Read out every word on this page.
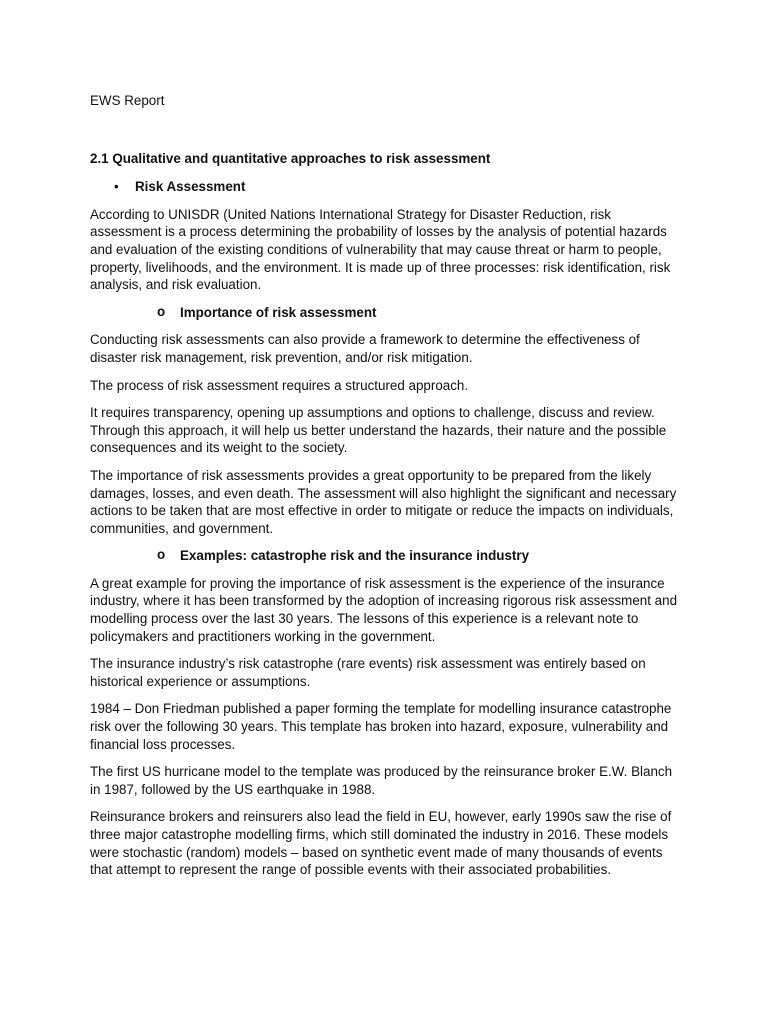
EWS Report
2.1 Qualitative and quantitative approaches to risk assessment
• Risk Assessment

According to UNISDR (United Nations International Strategy for Disaster Reduction, risk assessment is a process determining the probability of losses by the analysis of potential hazards and evaluation of the existing conditions of vulnerability that may cause threat or harm to people, property, livelihoods, and the environment. It is made up of three processes: risk identification, risk analysis, and risk evaluation.

o Importance of risk assessment

Conducting risk assessments can also provide a framework to determine the effectiveness of disaster risk management, risk prevention, and/or risk mitigation.

The process of risk assessment requires a structured approach.

It requires transparency, opening up assumptions and options to challenge, discuss and review. Through this approach, it will help us better understand the hazards, their nature and the possible consequences and its weight to the society.

The importance of risk assessments provides a great opportunity to be prepared from the likely damages, losses, and even death. The assessment will also highlight the significant and necessary actions to be taken that are most effective in order to mitigate or reduce the impacts on individuals, communities, and government.

o Examples: catastrophe risk and the insurance industry

A great example for proving the importance of risk assessment is the experience of the insurance industry, where it has been transformed by the adoption of increasing rigorous risk assessment and modelling process over the last 30 years. The lessons of this experience is a relevant note to policymakers and practitioners working in the government.

The insurance industry’s risk catastrophe (rare events) risk assessment was entirely based on historical experience or assumptions.

1984 – Don Friedman published a paper forming the template for modelling insurance catastrophe risk over the following 30 years. This template has broken into hazard, exposure, vulnerability and financial loss processes.

The first US hurricane model to the template was produced by the reinsurance broker E.W. Blanch in 1987, followed by the US earthquake in 1988.

Reinsurance brokers and reinsurers also lead the field in EU, however, early 1990s saw the rise of three major catastrophe modelling firms, which still dominated the industry in 2016. These models were stochastic (random) models – based on synthetic event made of many thousands of events that attempt to represent the range of possible events with their associated probabilities.
